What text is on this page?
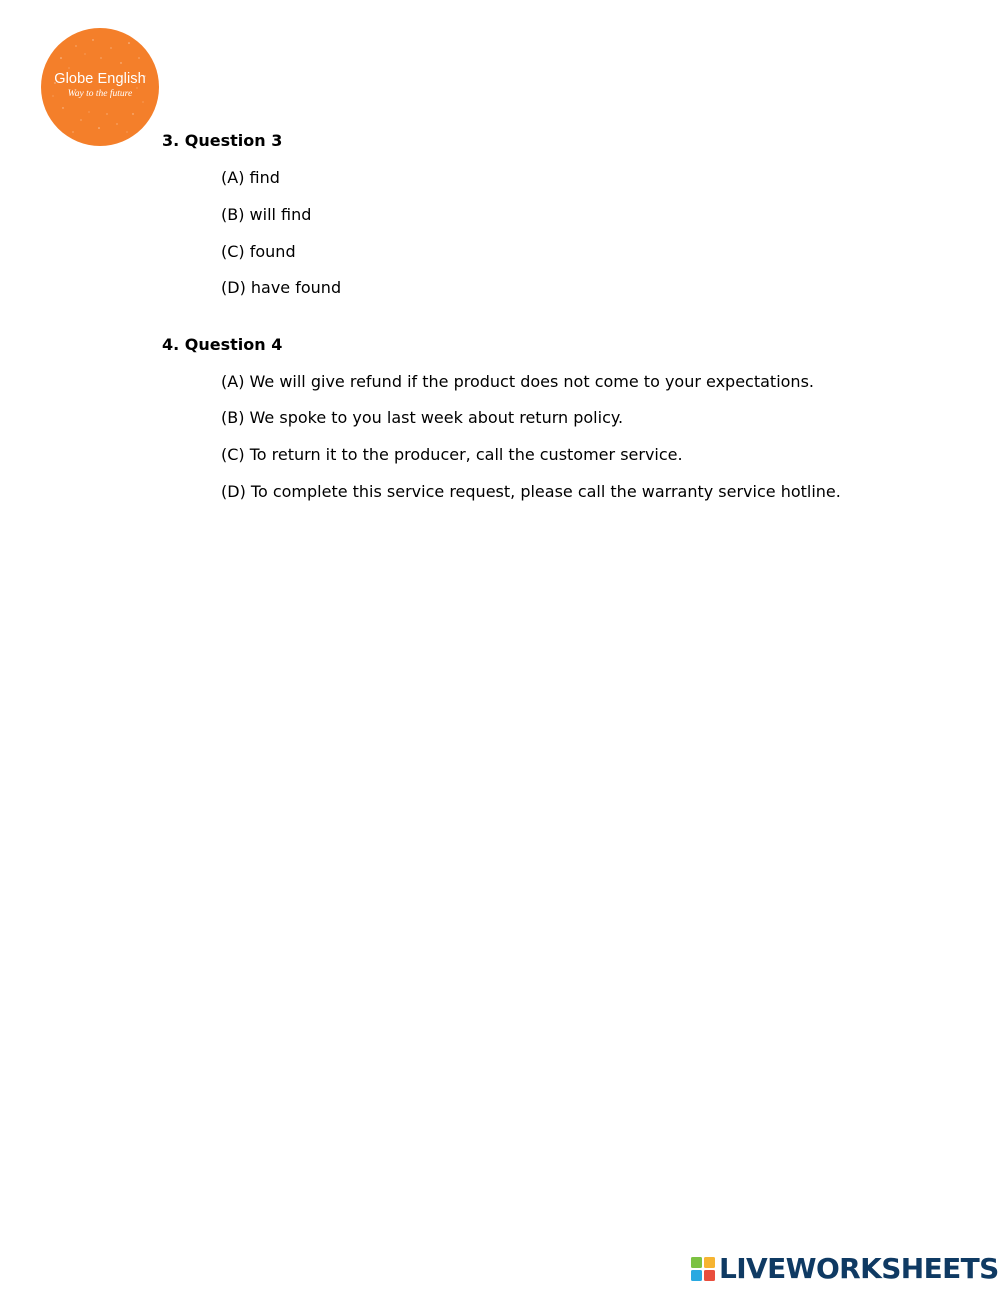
Globe English
Way to the future
3. Question 3
(A) find
(B) will find
(C) found
(D) have found
4. Question 4
(A) We will give refund if the product does not come to your expectations.
(B) We spoke to you last week about return policy.
(C) To return it to the producer, call the customer service.
(D) To complete this service request, please call the warranty service hotline.
LIVEWORKSHEETS
